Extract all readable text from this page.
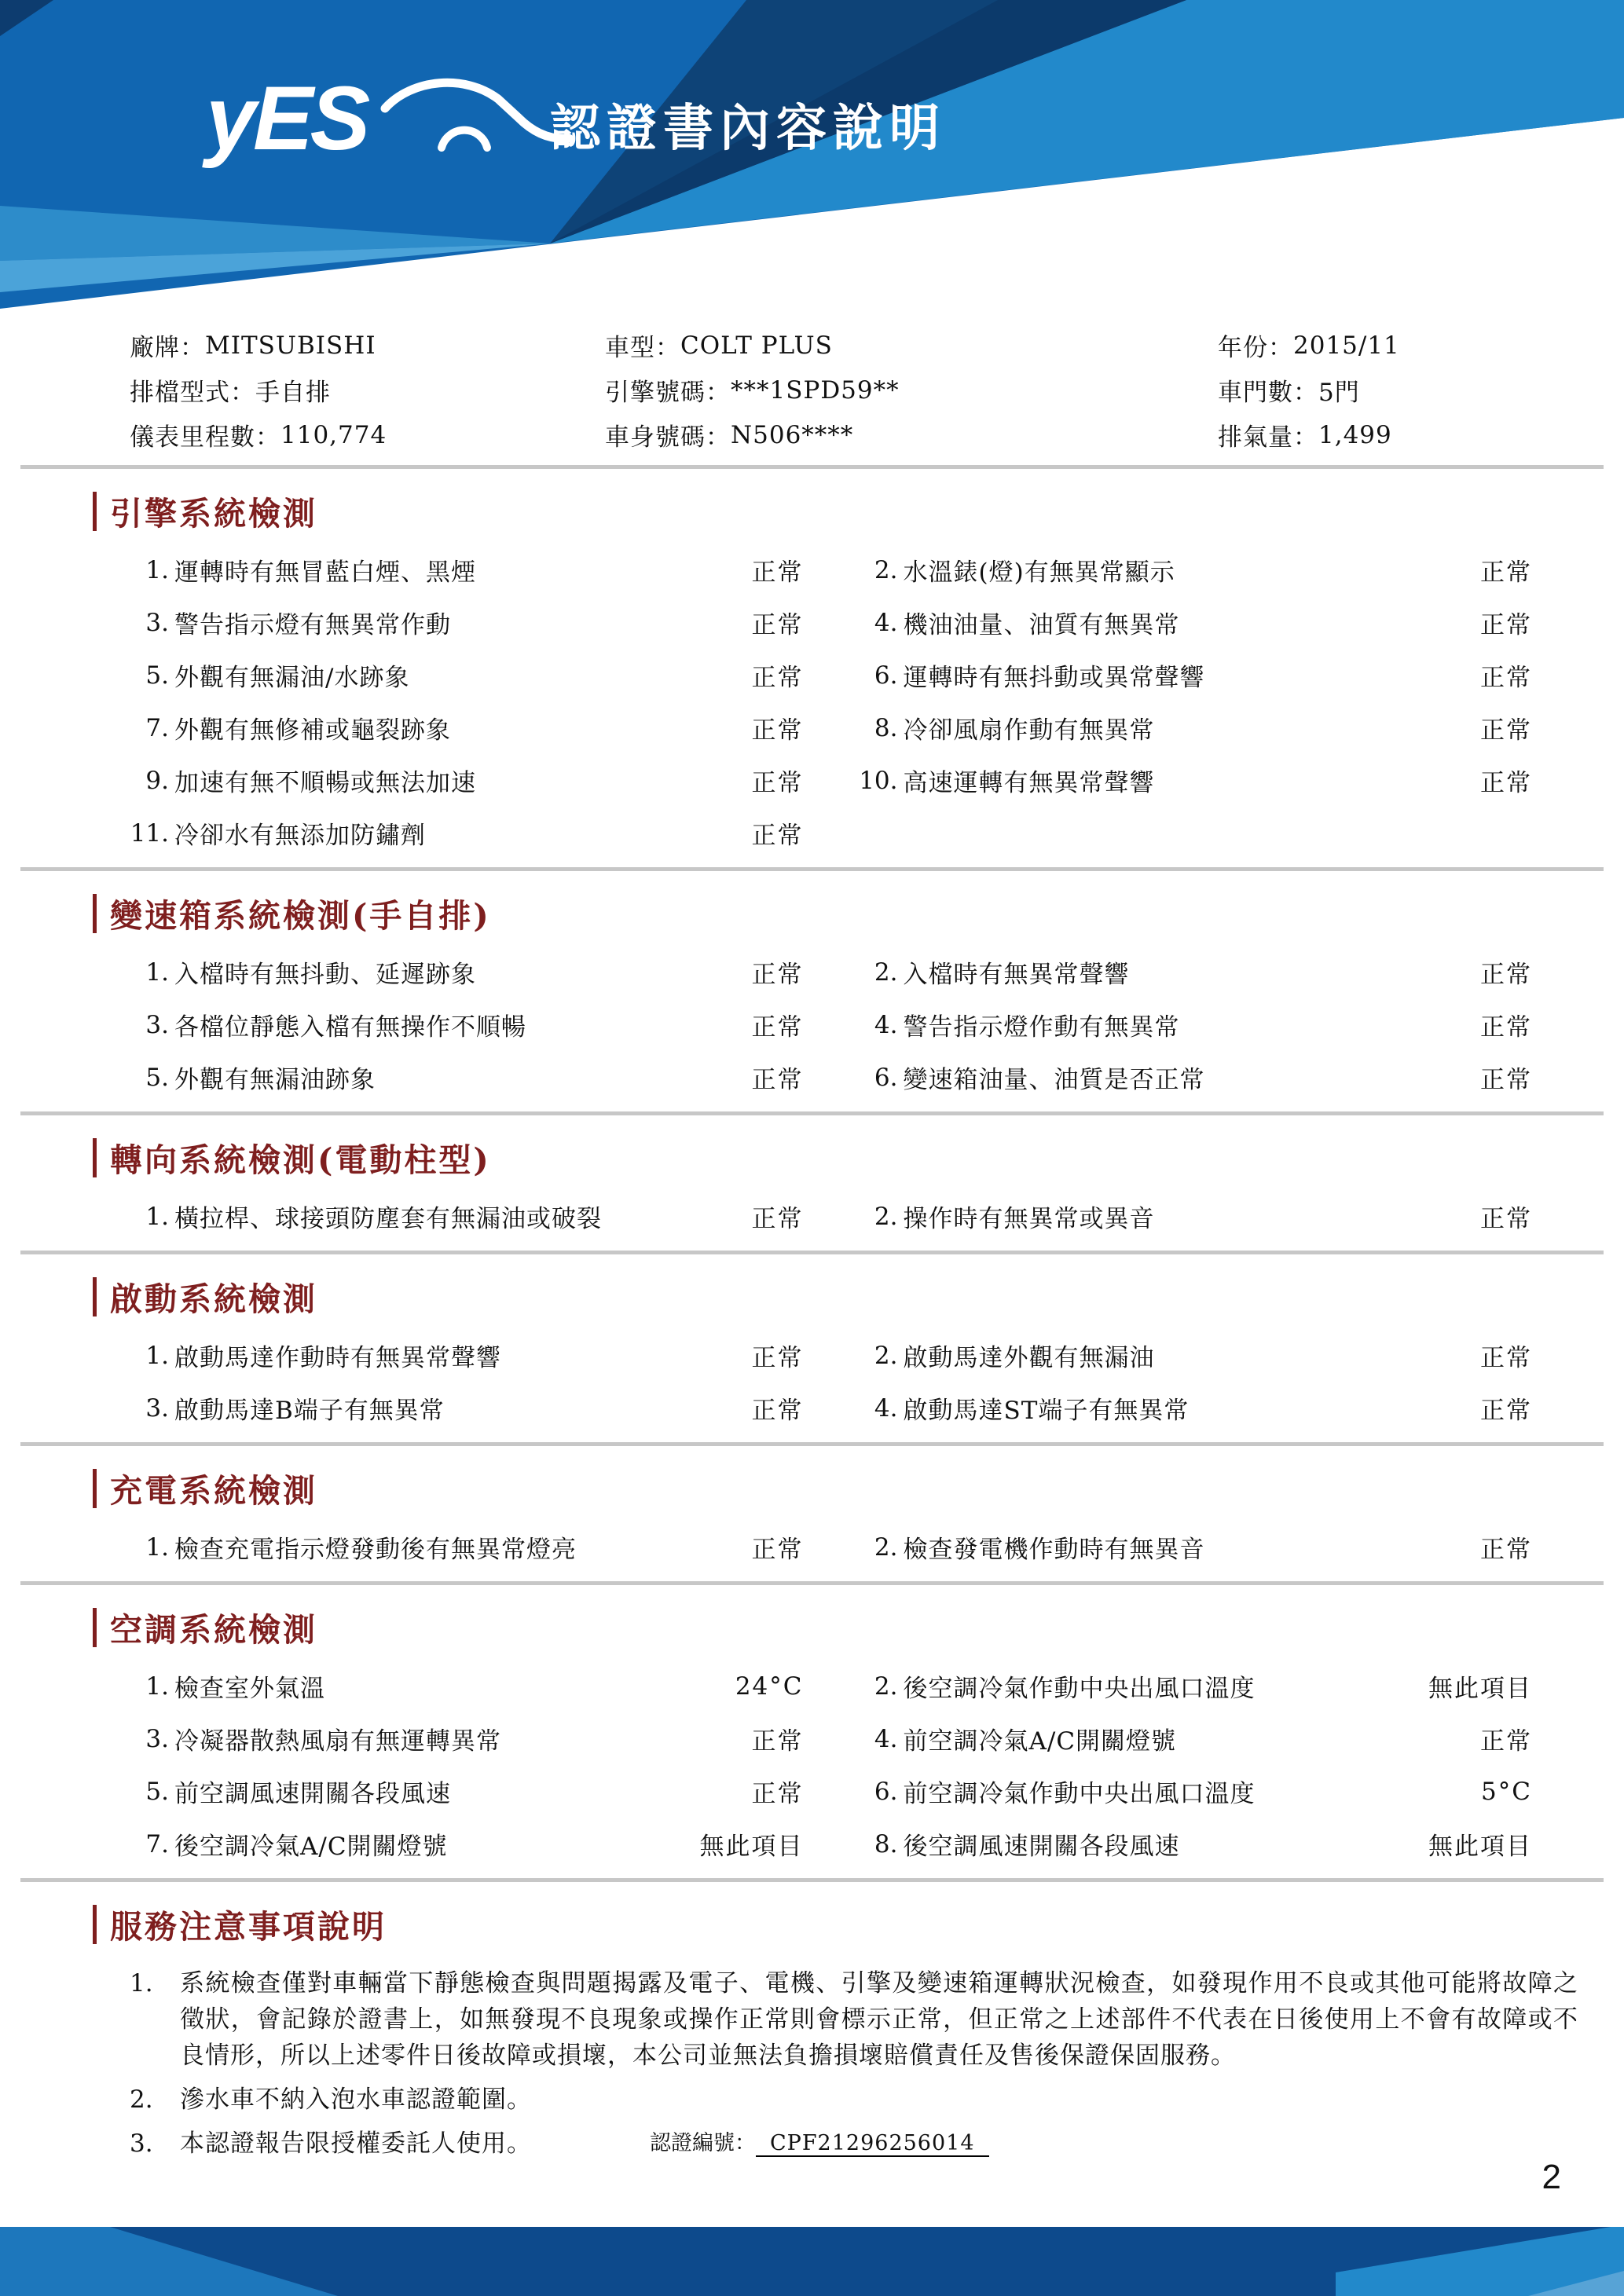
yES	認證書內容說明
廠牌： MITSUBISHI
排檔型式： 手自排
儀表里程數： 110,774
車型： COLT PLUS
引擎號碼： ***1SPD59**
車身號碼： N506****
年份： 2015/11
車門數： 5門
排氣量： 1,499
引擎系統檢測
1. 運轉時有無冒藍白煙、黑煙	正常	2. 水溫錶(燈)有無異常顯示	正常
3. 警告指示燈有無異常作動	正常	4. 機油油量、油質有無異常	正常
5. 外觀有無漏油/水跡象	正常	6. 運轉時有無抖動或異常聲響	正常
7. 外觀有無修補或龜裂跡象	正常	8. 冷卻風扇作動有無異常	正常
9. 加速有無不順暢或無法加速	正常 10. 高速運轉有無異常聲響	正常
11. 冷卻水有無添加防鏽劑	正常
變速箱系統檢測(手自排)
1. 入檔時有無抖動、延遲跡象	正常	2. 入檔時有無異常聲響	正常
3. 各檔位靜態入檔有無操作不順暢	正常	4. 警告指示燈作動有無異常	正常
5. 外觀有無漏油跡象	正常	6. 變速箱油量、油質是否正常	正常
轉向系統檢測(電動柱型)
1. 橫拉桿、球接頭防塵套有無漏油或破裂	正常	2. 操作時有無異常或異音	正常
啟動系統檢測
1. 啟動馬達作動時有無異常聲響	正常	2. 啟動馬達外觀有無漏油	正常
3. 啟動馬達B端子有無異常	正常	4. 啟動馬達ST端子有無異常	正常
充電系統檢測
1. 檢查充電指示燈發動後有無異常燈亮	正常	2. 檢查發電機作動時有無異音	正常
空調系統檢測
1. 檢查室外氣溫	24°C	2. 後空調冷氣作動中央出風口溫度	無此項目
3. 冷凝器散熱風扇有無運轉異常	正常	4. 前空調冷氣A/C開關燈號	正常
5. 前空調風速開關各段風速	正常	6. 前空調冷氣作動中央出風口溫度	5°C
7. 後空調冷氣A/C開關燈號	無此項目	8. 後空調風速開關各段風速	無此項目
服務注意事項說明
1.	系統檢查僅對車輛當下靜態檢查與問題揭露及電子、電機、引擎及變速箱運轉狀況檢查，如發現作用不良或其他可能將故障之徵狀，會記錄於證書上，如無發現不良現象或操作正常則會標示正常，但正常之上述部件不代表在日後使用上不會有故障或不良情形，所以上述零件日後故障或損壞，本公司並無法負擔損壞賠償責任及售後保證保固服務。
2.	滲水車不納入泡水車認證範圍。
3.	本認證報告限授權委託人使用。	認證編號： CPF21296256014
2
